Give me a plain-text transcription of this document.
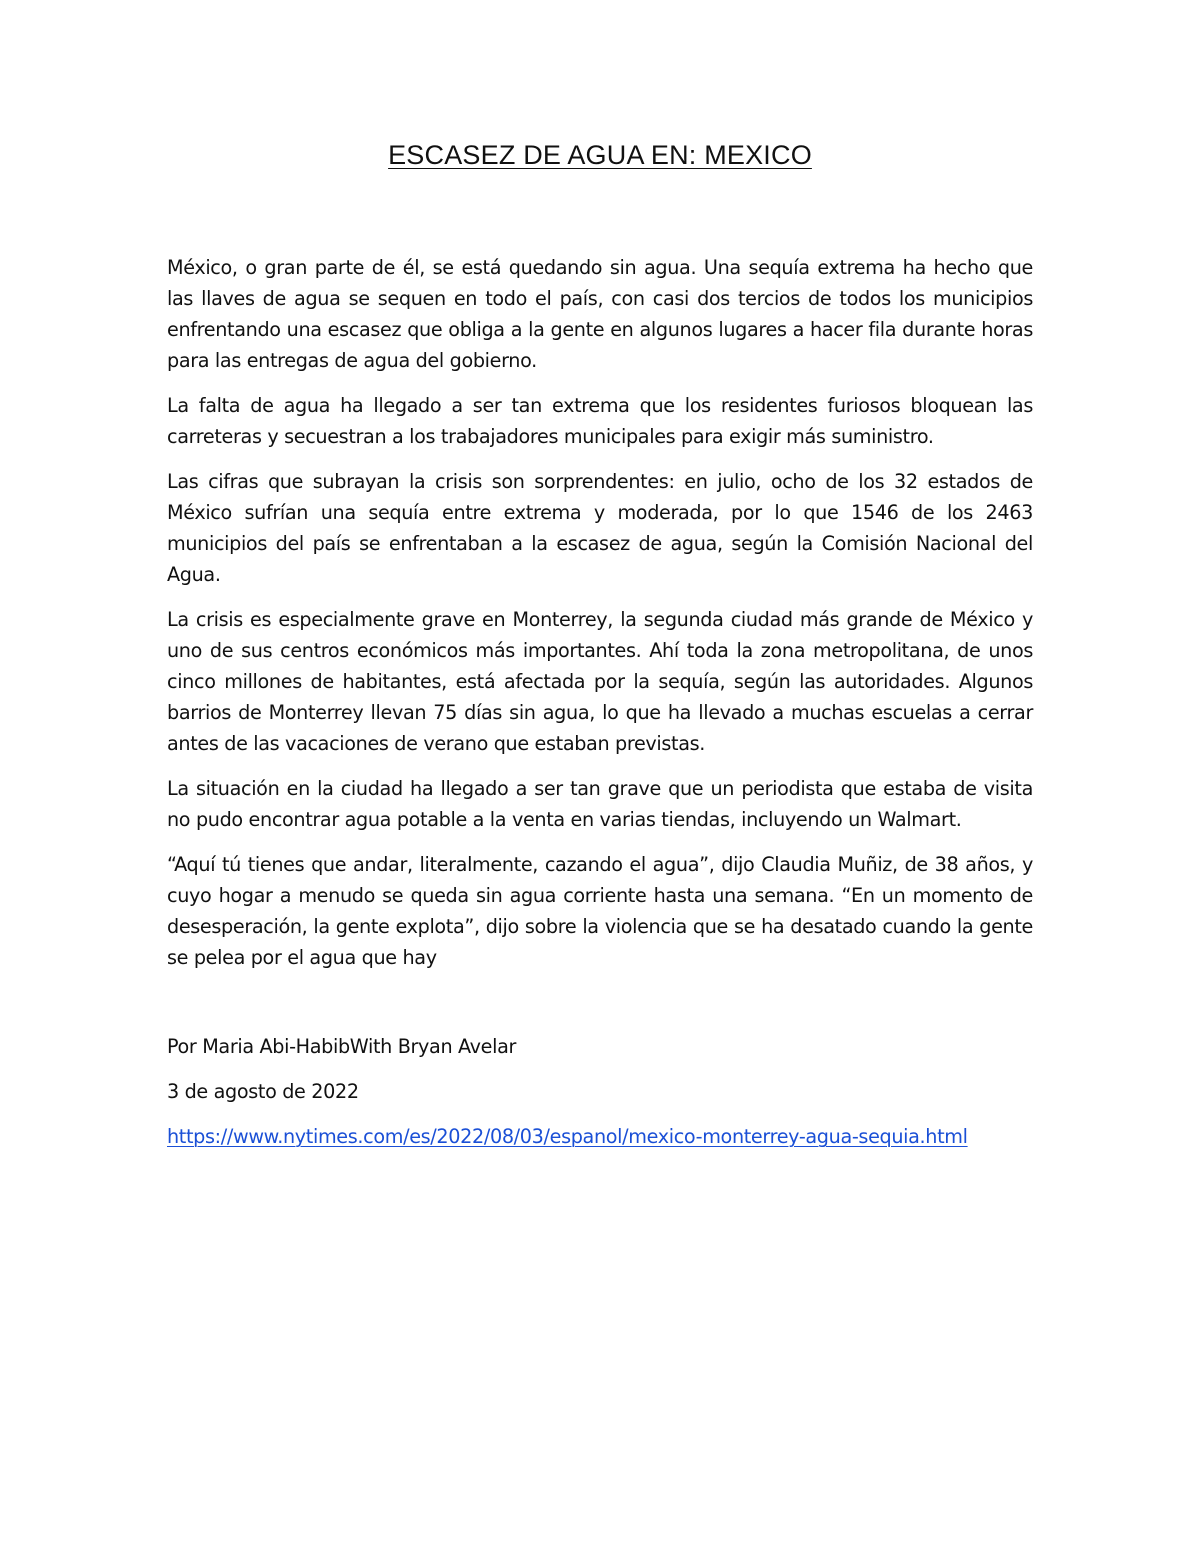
ESCASEZ DE AGUA EN: MEXICO

México, o gran parte de él, se está quedando sin agua. Una sequía extrema ha hecho que las llaves de agua se sequen en todo el país, con casi dos tercios de todos los municipios enfrentando una escasez que obliga a la gente en algunos lugares a hacer fila durante horas para las entregas de agua del gobierno.

La falta de agua ha llegado a ser tan extrema que los residentes furiosos bloquean las carreteras y secuestran a los trabajadores municipales para exigir más suministro.

Las cifras que subrayan la crisis son sorprendentes: en julio, ocho de los 32 estados de México sufrían una sequía entre extrema y moderada, por lo que 1546 de los 2463 municipios del país se enfrentaban a la escasez de agua, según la Comisión Nacional del Agua.

La crisis es especialmente grave en Monterrey, la segunda ciudad más grande de México y uno de sus centros económicos más importantes. Ahí toda la zona metropolitana, de unos cinco millones de habitantes, está afectada por la sequía, según las autoridades. Algunos barrios de Monterrey llevan 75 días sin agua, lo que ha llevado a muchas escuelas a cerrar antes de las vacaciones de verano que estaban previstas.

La situación en la ciudad ha llegado a ser tan grave que un periodista que estaba de visita no pudo encontrar agua potable a la venta en varias tiendas, incluyendo un Walmart.

“Aquí tú tienes que andar, literalmente, cazando el agua”, dijo Claudia Muñiz, de 38 años, y cuyo hogar a menudo se queda sin agua corriente hasta una semana. “En un momento de desesperación, la gente explota”, dijo sobre la violencia que se ha desatado cuando la gente se pelea por el agua que hay

Por Maria Abi-HabibWith Bryan Avelar
3 de agosto de 2022
https://www.nytimes.com/es/2022/08/03/espanol/mexico-monterrey-agua-sequia.html
